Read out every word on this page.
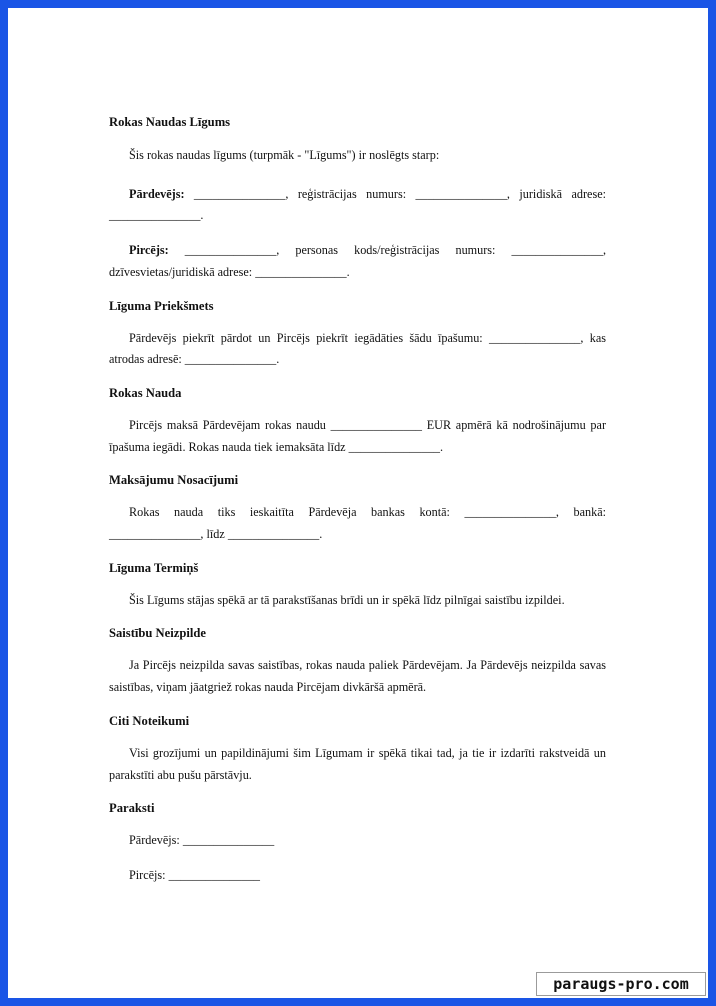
Rokas Naudas Līgums

Šis rokas naudas līgums (turpmāk - "Līgums") ir noslēgts starp:

Pārdevējs: _______________, reģistrācijas numurs: _______________, juridiskā adrese: _______________.

Pircējs: _______________, personas kods/reģistrācijas numurs: _______________, dzīvesvietas/juridiskā adrese: _______________.

Līguma Priekšmets

Pārdevējs piekrīt pārdot un Pircējs piekrīt iegādāties šādu īpašumu: _______________, kas atrodas adresē: _______________.

Rokas Nauda

Pircējs maksā Pārdevējam rokas naudu _______________ EUR apmērā kā nodrošinājumu par īpašuma iegādi. Rokas nauda tiek iemaksāta līdz _______________.

Maksājumu Nosacījumi

Rokas nauda tiks ieskaitīta Pārdevēja bankas kontā: _______________, bankā: _______________, līdz _______________.

Līguma Termiņš

Šis Līgums stājas spēkā ar tā parakstīšanas brīdi un ir spēkā līdz pilnīgai saistību izpildei.

Saistību Neizpilde

Ja Pircējs neizpilda savas saistības, rokas nauda paliek Pārdevējam. Ja Pārdevējs neizpilda savas saistības, viņam jāatgriež rokas nauda Pircējam divkāršā apmērā.

Citi Noteikumi

Visi grozījumi un papildinājumi šim Līgumam ir spēkā tikai tad, ja tie ir izdarīti rakstveidā un parakstīti abu pušu pārstāvju.

Paraksti

Pārdevējs: _______________

Pircējs: _______________

paraugs-pro.com
